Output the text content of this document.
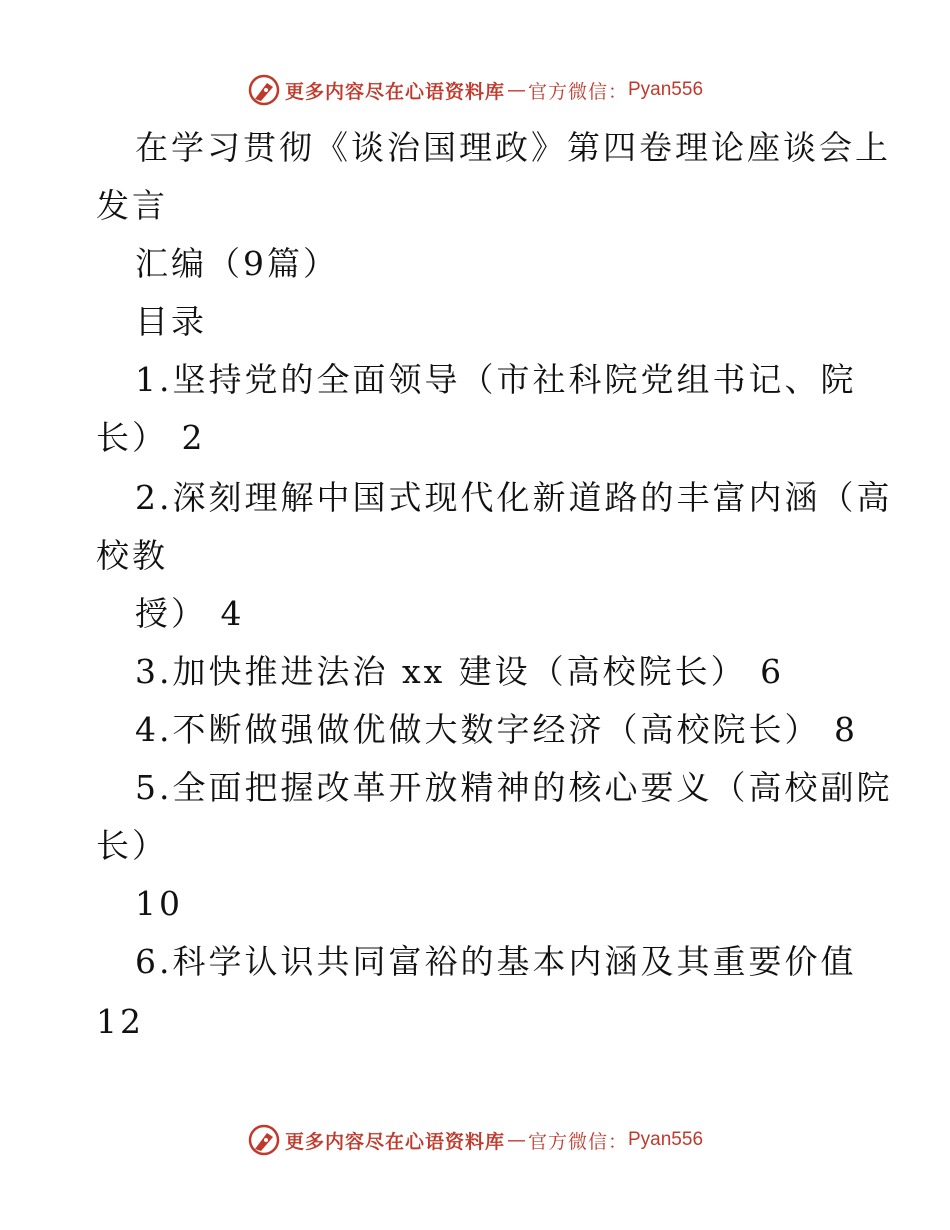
更多内容尽在心语资料库 — 官方微信： Pyan556
在学习贯彻《谈治国理政》第四卷理论座谈会上
发言
汇编（9篇）
目录
1.坚持党的全面领导（市社科院党组书记、院
长） 2
2.深刻理解中国式现代化新道路的丰富内涵（高
校教
授） 4
3.加快推进法治 xx 建设（高校院长） 6
4.不断做强做优做大数字经济（高校院长） 8
5.全面把握改革开放精神的核心要义（高校副院
长）
10
6.科学认识共同富裕的基本内涵及其重要价值
12
更多内容尽在心语资料库 — 官方微信： Pyan556
